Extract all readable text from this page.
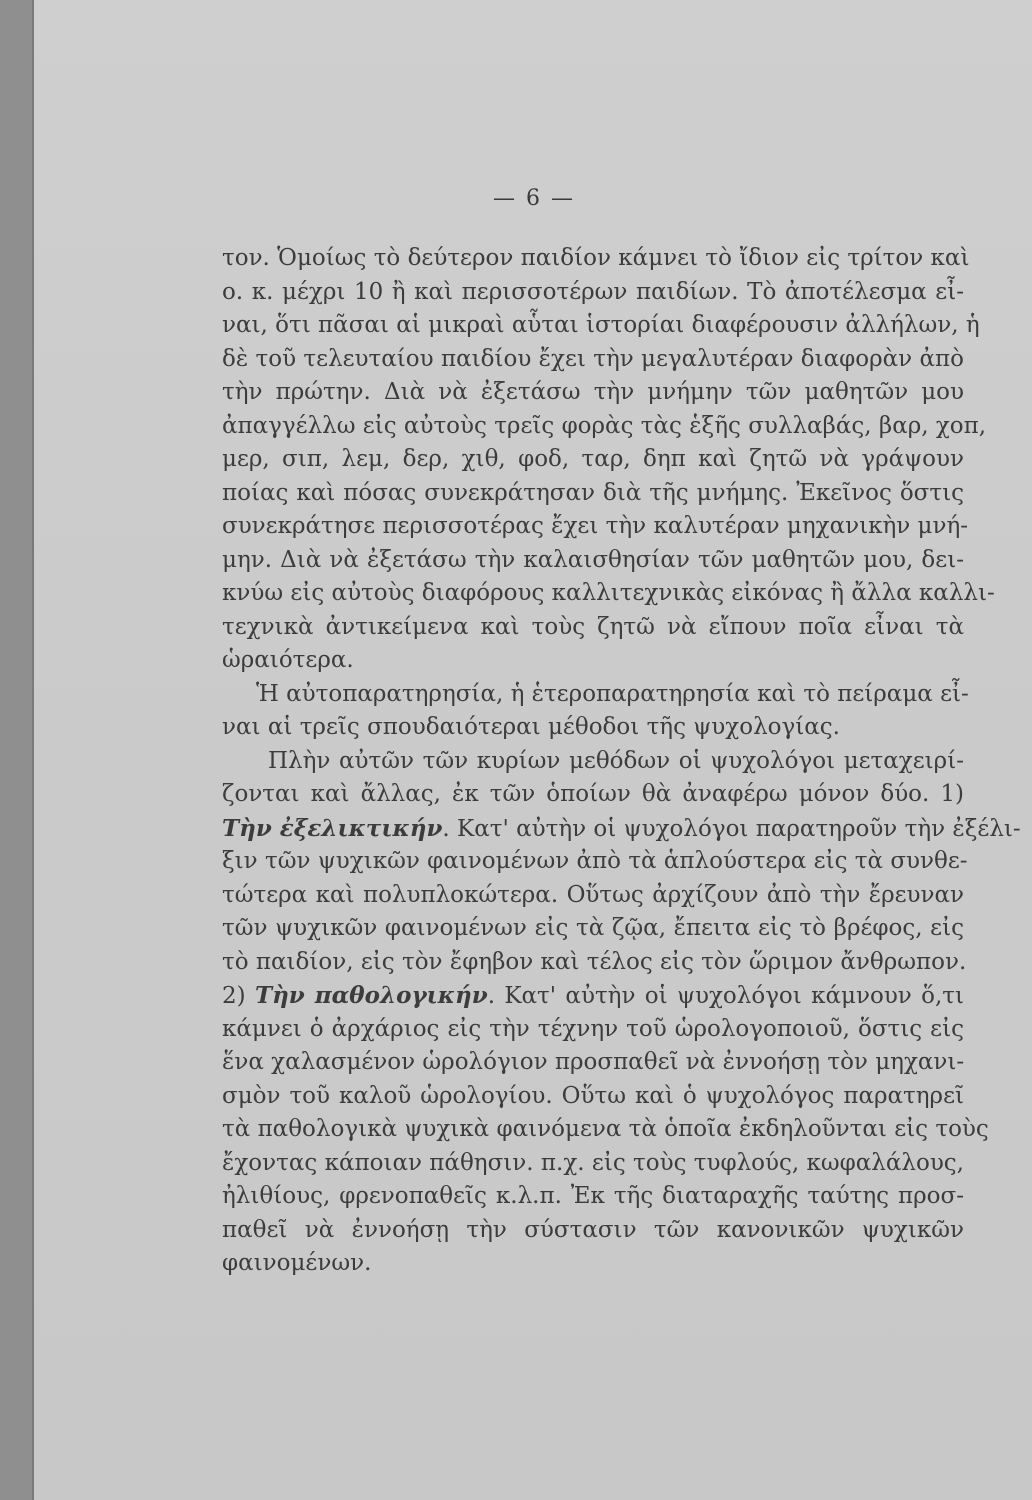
— 6 —
τον. Ὁμοίως τὸ δεύτερον παιδίον κάμνει τὸ ἴδιον εἰς τρίτον καὶ
ο. κ. μέχρι 10 ἢ καὶ περισσοτέρων παιδίων. Τὸ ἀποτέλεσμα εἶ-
ναι, ὅτι πᾶσαι αἱ μικραὶ αὗται ἱστορίαι διαφέρουσιν ἀλλήλων, ἡ
δὲ τοῦ τελευταίου παιδίου ἔχει τὴν μεγαλυτέραν διαφορὰν ἀπὸ
τὴν πρώτην. Διὰ νὰ ἐξετάσω τὴν μνήμην τῶν μαθητῶν μου
ἀπαγγέλλω εἰς αὐτοὺς τρεῖς φορὰς τὰς ἑξῆς συλλαβάς, βαρ, χοπ,
μερ, σιπ, λεμ, δερ, χιθ, φοδ, ταρ, δηπ καὶ ζητῶ νὰ γράψουν
ποίας καὶ πόσας συνεκράτησαν διὰ τῆς μνήμης. Ἐκεῖνος ὅστις
συνεκράτησε περισσοτέρας ἔχει τὴν καλυτέραν μηχανικὴν μνή-
μην. Διὰ νὰ ἐξετάσω τὴν καλαισθησίαν τῶν μαθητῶν μου, δει-
κνύω εἰς αὐτοὺς διαφόρους καλλιτεχνικὰς εἰκόνας ἢ ἄλλα καλλι-
τεχνικὰ ἀντικείμενα καὶ τοὺς ζητῶ νὰ εἴπουν ποῖα εἶναι τὰ
ὡραιότερα.
Ἡ αὐτοπαρατηρησία, ἡ ἑτεροπαρατηρησία καὶ τὸ πείραμα εἶ-
ναι αἱ τρεῖς σπουδαιότεραι μέθοδοι τῆς ψυχολογίας.
Πλὴν αὐτῶν τῶν κυρίων μεθόδων οἱ ψυχολόγοι μεταχειρί-
ζονται καὶ ἄλλας, ἐκ τῶν ὁποίων θὰ ἀναφέρω μόνον δύο. 1)
Τὴν ἐξελικτικήν. Κατ' αὐτὴν οἱ ψυχολόγοι παρατηροῦν τὴν ἐξέλι-
ξιν τῶν ψυχικῶν φαινομένων ἀπὸ τὰ ἁπλούστερα εἰς τὰ συνθε-
τώτερα καὶ πολυπλοκώτερα. Οὕτως ἀρχίζουν ἀπὸ τὴν ἔρευναν
τῶν ψυχικῶν φαινομένων εἰς τὰ ζῷα, ἔπειτα εἰς τὸ βρέφος, εἰς
τὸ παιδίον, εἰς τὸν ἔφηβον καὶ τέλος εἰς τὸν ὥριμον ἄνθρωπον.
2) Τὴν παθολογικήν. Κατ' αὐτὴν οἱ ψυχολόγοι κάμνουν ὅ,τι
κάμνει ὁ ἀρχάριος εἰς τὴν τέχνην τοῦ ὡρολογοποιοῦ, ὅστις εἰς
ἕνα χαλασμένον ὡρολόγιον προσπαθεῖ νὰ ἐννοήσῃ τὸν μηχανι-
σμὸν τοῦ καλοῦ ὡρολογίου. Οὕτω καὶ ὁ ψυχολόγος παρατηρεῖ
τὰ παθολογικὰ ψυχικὰ φαινόμενα τὰ ὁποῖα ἐκδηλοῦνται εἰς τοὺς
ἔχοντας κάποιαν πάθησιν. π.χ. εἰς τοὺς τυφλούς, κωφαλάλους,
ἠλιθίους, φρενοπαθεῖς κ.λ.π. Ἐκ τῆς διαταραχῆς ταύτης προσ-
παθεῖ νὰ ἐννοήσῃ τὴν σύστασιν τῶν κανονικῶν ψυχικῶν
φαινομένων.
